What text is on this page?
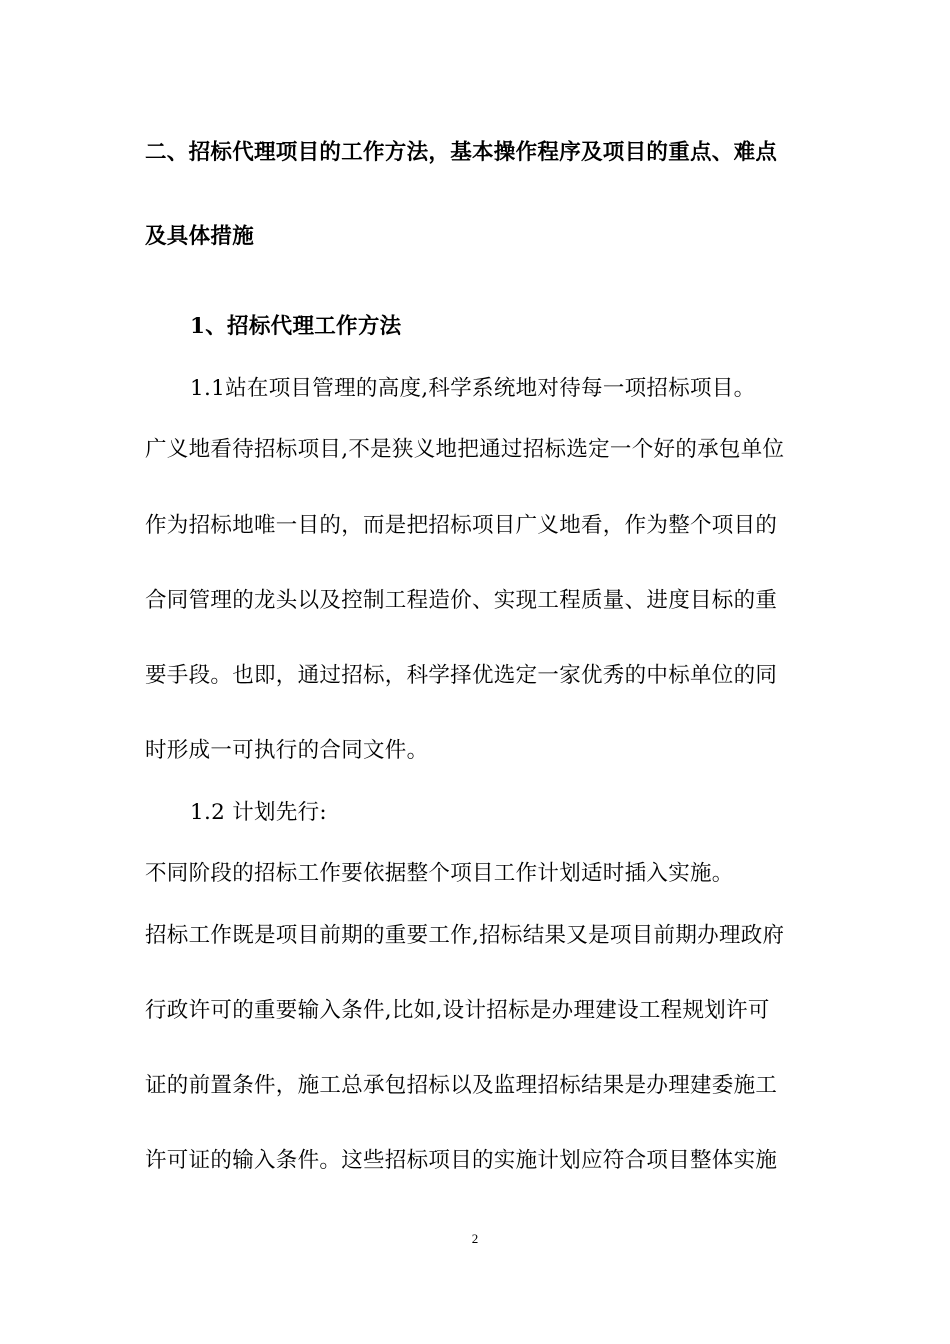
二、招标代理项目的工作方法，基本操作程序及项目的重点、难点
及具体措施
1、招标代理工作方法
1.1站在项目管理的高度,科学系统地对待每一项招标项目。
广义地看待招标项目,不是狭义地把通过招标选定一个好的承包单位
作为招标地唯一目的，而是把招标项目广义地看，作为整个项目的
合同管理的龙头以及控制工程造价、实现工程质量、进度目标的重
要手段。也即，通过招标，科学择优选定一家优秀的中标单位的同
时形成一可执行的合同文件。
1.2 计划先行:
不同阶段的招标工作要依据整个项目工作计划适时插入实施。
招标工作既是项目前期的重要工作,招标结果又是项目前期办理政府
行政许可的重要输入条件,比如,设计招标是办理建设工程规划许可
证的前置条件，施工总承包招标以及监理招标结果是办理建委施工
许可证的输入条件。这些招标项目的实施计划应符合项目整体实施
2
